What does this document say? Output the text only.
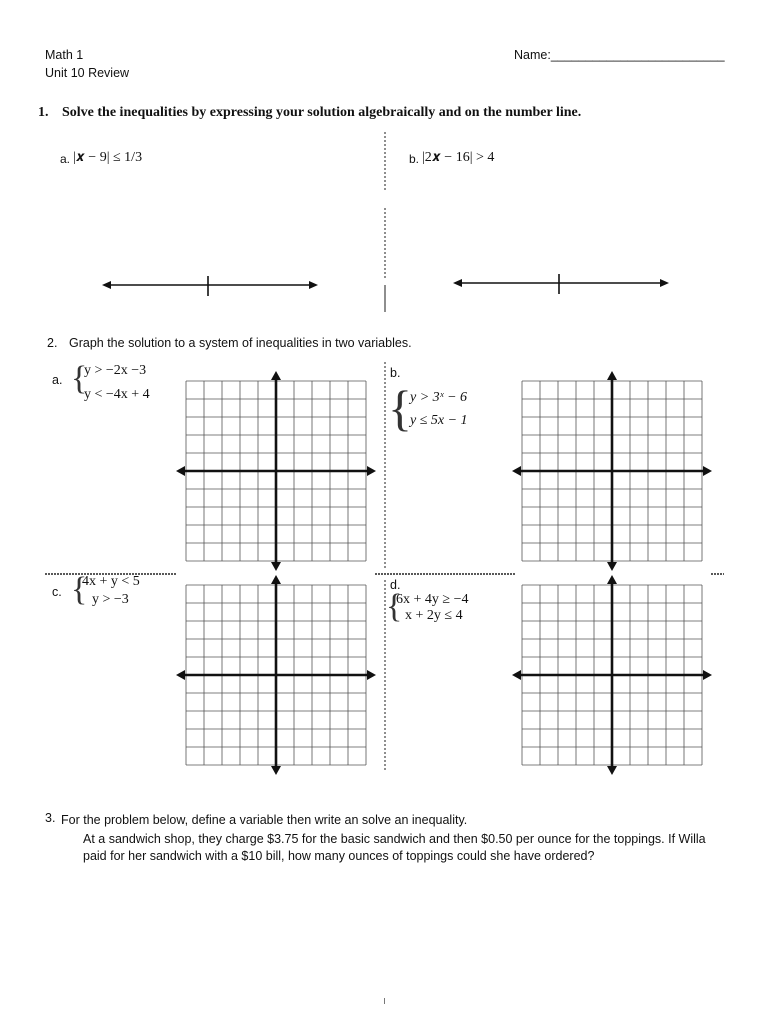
Math 1
Unit 10 Review
Name:_________________________
1. Solve the inequalities by expressing your solution algebraically and on the number line.
a. |𝒙 − 9| ≤ 1/3	b. |2𝒙 − 16| > 4
2. Graph the solution to a system of inequalities in two variables.
a. {
y > −2x −3
y < −4x + 4
b.
{
y > 3ˣ − 6
y ≤ 5x − 1
c. {
4x + y < 5
y > −3
d.
{
6x + 4y ≥ −4
x + 2y ≤ 4
3. For the problem below, define a variable then write an solve an inequality.
At a sandwich shop, they charge $3.75 for the basic sandwich and then $0.50 per ounce for the toppings. If Willa paid for her sandwich with a $10 bill, how many ounces of toppings could she have ordered?
